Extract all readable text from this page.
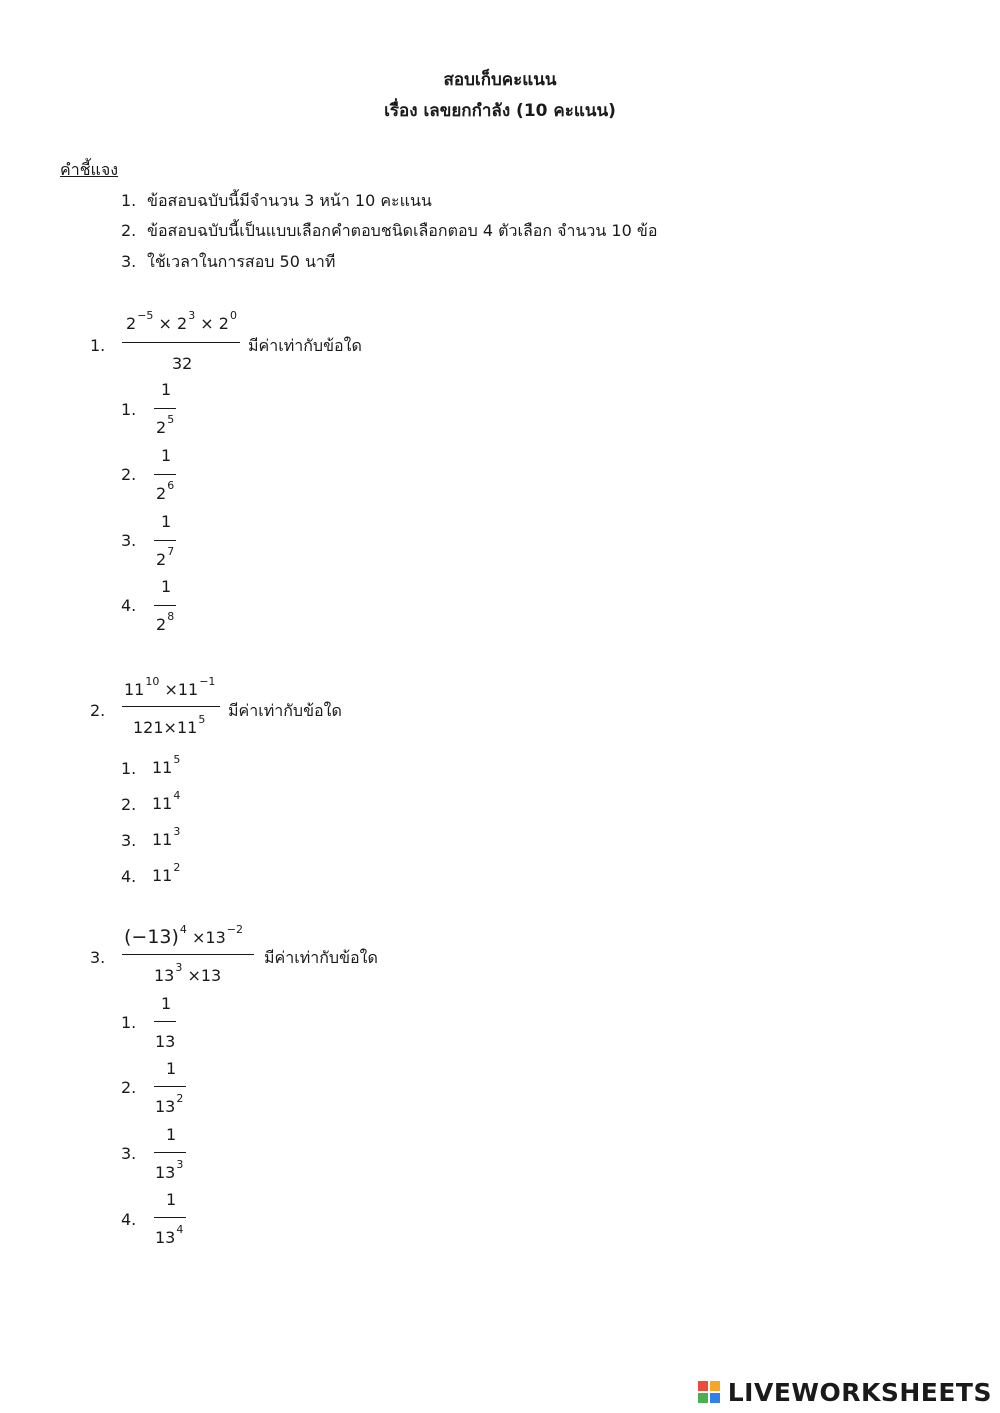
สอบเก็บคะแนน
เรื่อง เลขยกกำลัง (10 คะแนน)
คำชี้แจง
1. ข้อสอบฉบับนี้มีจำนวน 3 หน้า 10 คะแนน
2. ข้อสอบฉบับนี้เป็นแบบเลือกคำตอบชนิดเลือกตอบ 4 ตัวเลือก จำนวน 10 ข้อ
3. ใช้เวลาในการสอบ 50 นาที
1.
$2^{-5} \times 2^3 \times 2^0$
32
มีค่าเท่ากับข้อใด
1.
1
$2^5$
2.
1
$2^6$
3.
1
$2^7$
4.
1
$2^8$
2.
$11^{10} \times 11^{-1}$
$121\times 11^5$ มีค่าเท่ากับข้อใด
1. $11^5$
2. $11^4$
3. $11^3$
4. $11^2$
3.
$(-13)^4 \times 13^{-2}$
$13^3 \times 13$
มีค่าเท่ากับข้อใด
1.
1
13
2.
1
$13^2$
3.
1
$13^3$
4.
1
$13^4$
LIVEWORKSHEETS
